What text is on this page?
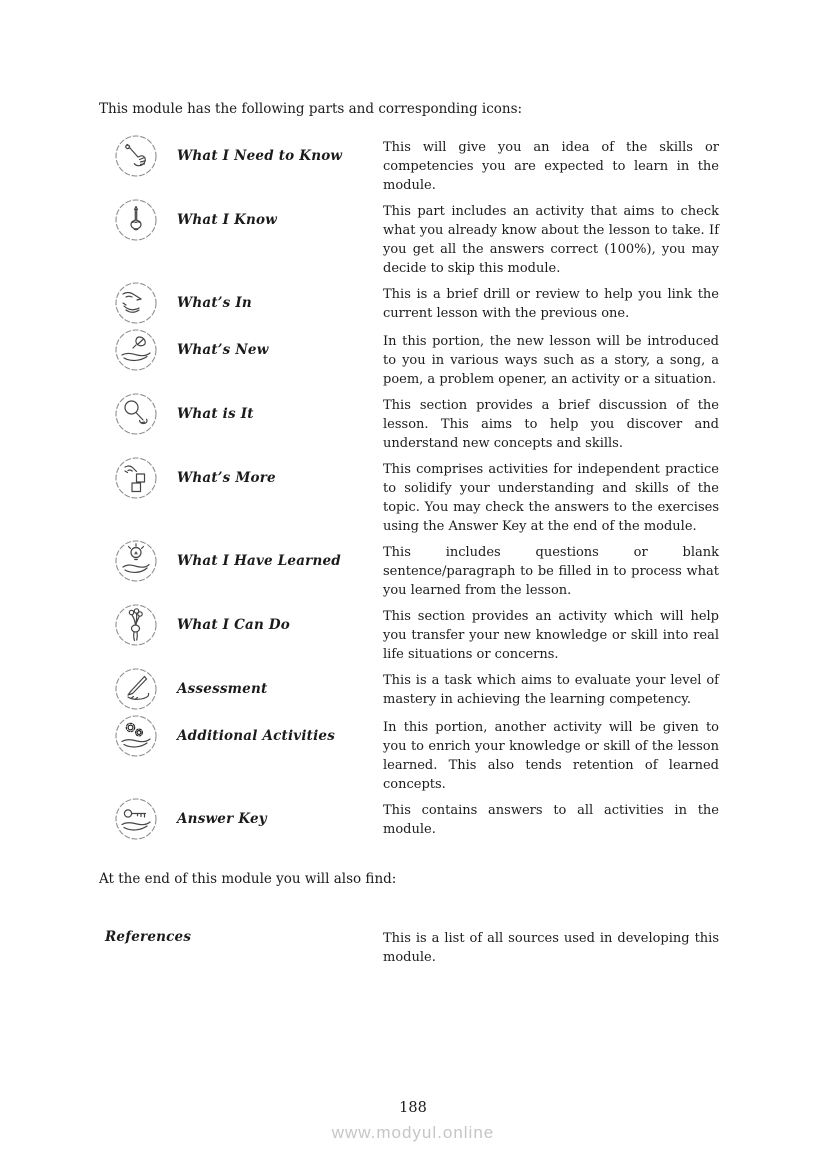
This module has the following parts and corresponding icons:

What I Need to Know
This will give you an idea of the skills or competencies you are expected to learn in the module.
What I Know
This part includes an activity that aims to check what you already know about the lesson to take. If you get all the answers correct (100%), you may decide to skip this module.
What’s In
This is a brief drill or review to help you link the current lesson with the previous one.
What’s New
In this portion, the new lesson will be introduced to you in various ways such as a story, a song, a poem, a problem opener, an activity or a situation.
What is It
This section provides a brief discussion of the lesson. This aims to help you discover and understand new concepts and skills.
What’s More
This comprises activities for independent practice to solidify your understanding and skills of the topic. You may check the answers to the exercises using the Answer Key at the end of the module.
What I Have Learned
This includes questions or blank sentence/paragraph to be filled in to process what you learned from the lesson.
What I Can Do
This section provides an activity which will help you transfer your new knowledge or skill into real life situations or concerns.
Assessment
This is a task which aims to evaluate your level of mastery in achieving the learning competency.
Additional Activities
In this portion, another activity will be given to you to enrich your knowledge or skill of the lesson learned. This also tends retention of learned concepts.
Answer Key
This contains answers to all activities in the module.

At the end of this module you will also find:

References	This is a list of all sources used in developing this module.
188
www.modyul.online
